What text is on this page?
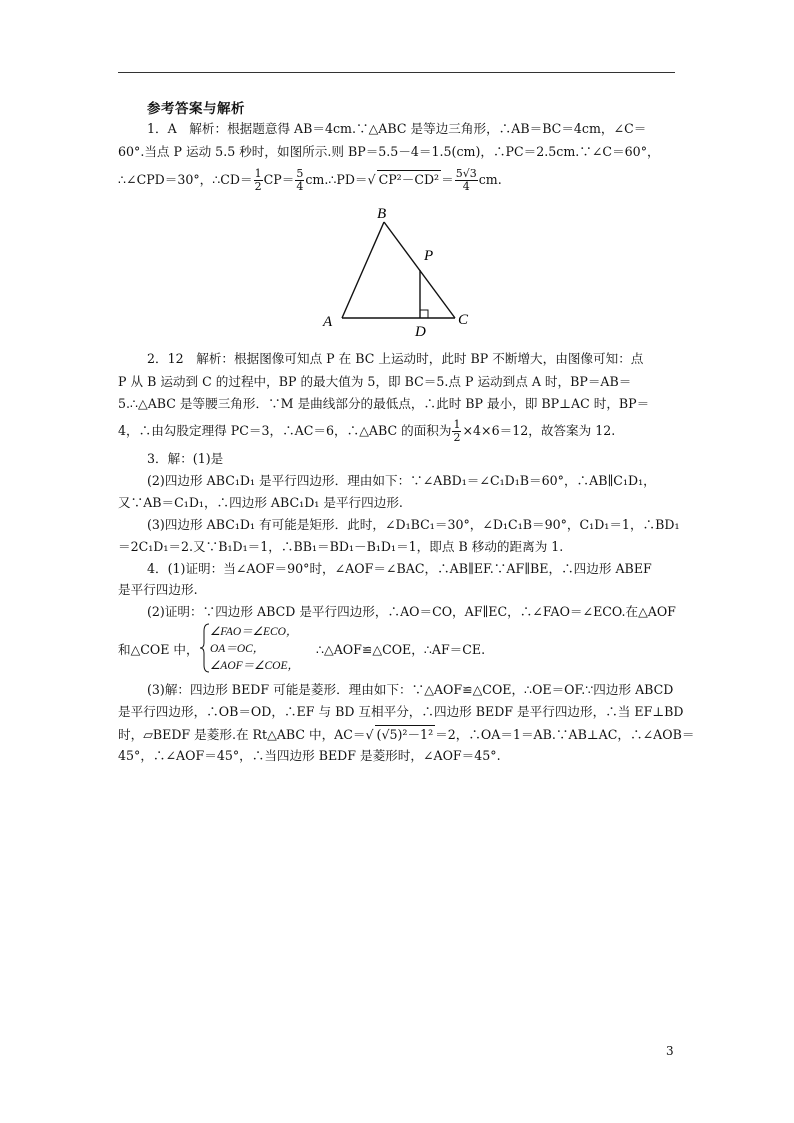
参考答案与解析
1．A　解析：根据题意得 AB＝4cm.∵△ABC 是等边三角形，∴AB＝BC＝4cm，∠C＝
60°.当点 P 运动 5.5 秒时，如图所示.则 BP＝5.5－4＝1.5(cm)，∴PC＝2.5cm.∵∠C＝60°，
∴∠CPD＝30°，∴CD＝ $\frac{1}{2} CP= \frac{5}{4}$ cm.∴PD＝√ $CP^2-CD^2 = \frac{5√3}{4}$ cm.
B
P
A
D
C
2．12　解析：根据图像可知点 P 在 BC 上运动时，此时 BP 不断增大，由图像可知：点
P 从 B 运动到 C 的过程中，BP 的最大值为 5，即 BC＝5.点 P 运动到点 A 时，BP＝AB＝
5.∴△ABC 是等腰三角形．∵M 是曲线部分的最低点，∴此时 BP 最小，即 BP⊥AC 时，BP＝
4，∴由勾股定理得 PC＝3，∴AC＝6，∴△ABC 的面积为 $\frac{1}{2} \times 4\times 6=12$，故答案为 12.
3．解：(1)是
(2)四边形 ABC₁D₁ 是平行四边形．理由如下：∵∠ABD₁＝∠C₁D₁B＝60°，∴AB∥C₁D₁，
又∵AB＝C₁D₁，∴四边形 ABC₁D₁ 是平行四边形.
(3)四边形 ABC₁D₁ 有可能是矩形．此时，∠D₁BC₁＝30°，∠D₁C₁B＝90°，C₁D₁＝1，∴BD₁
＝2C₁D₁＝2.又∵B₁D₁＝1，∴BB₁＝BD₁－B₁D₁＝1，即点 B 移动的距离为 1.
4．(1)证明：当∠AOF＝90°时，∠AOF＝∠BAC，∴AB∥EF.∵AF∥BE，∴四边形 ABEF
是平行四边形.
(2)证明：∵四边形 ABCD 是平行四边形，∴AO＝CO，AF∥EC，∴∠FAO＝∠ECO.在△AOF
和△COE 中，
∠FAO＝∠ECO，
OA＝OC，
∠AOF＝∠COE，
∴△AOF≌△COE，∴AF＝CE.
(3)解：四边形 BEDF 可能是菱形．理由如下：∵△AOF≌△COE，∴OE＝OF.∵四边形 ABCD
是平行四边形，∴OB＝OD，∴EF 与 BD 互相平分，∴四边形 BEDF 是平行四边形，∴当 EF⊥BD
时，▱BEDF 是菱形.在 Rt△ABC 中，AC＝√ (√5)²－1² ＝2，∴OA＝1＝AB.∵AB⊥AC，∴∠AOB＝
45°，∴∠AOF＝45°，∴当四边形 BEDF 是菱形时，∠AOF＝45°.
3
